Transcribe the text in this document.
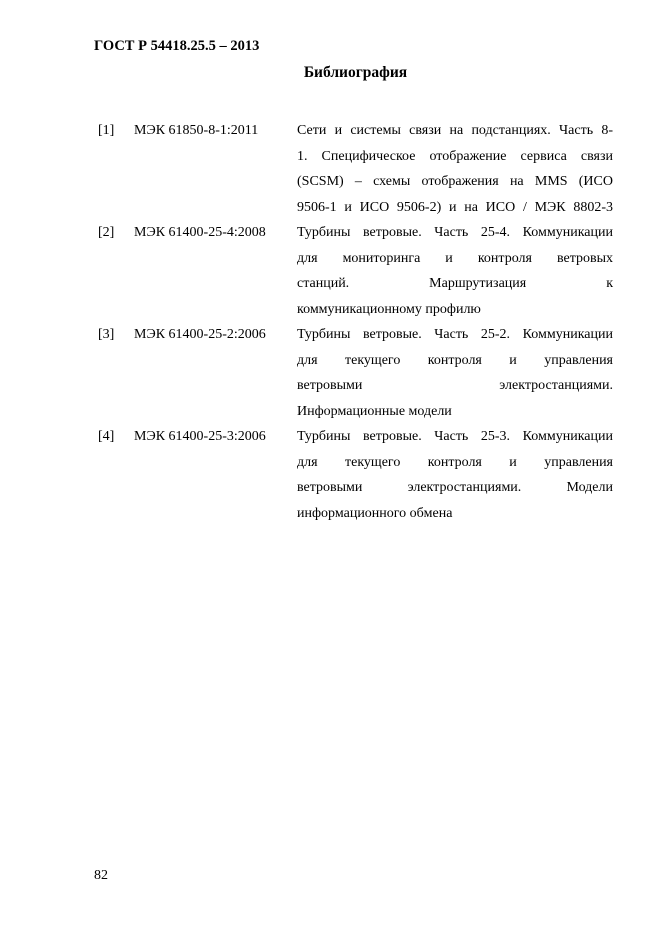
ГОСТ Р 54418.25.5 – 2013
Библиография
[1]	МЭК 61850-8-1:2011	Сети и системы связи на подстанциях. Часть 8-
1. Специфическое отображение сервиса связи
(SCSM) – схемы отображения на MMS (ИСО
9506-1 и ИСО 9506-2) и на ИСО / МЭК 8802-3
[2]	МЭК 61400-25-4:2008	Турбины ветровые. Часть 25-4. Коммуникации
для мониторинга и контроля ветровых
станций. Маршрутизация к
коммуникационному профилю
[3]	МЭК 61400-25-2:2006	Турбины ветровые. Часть 25-2. Коммуникации
для текущего контроля и управления
ветровыми электростанциями.
Информационные модели
[4]	МЭК 61400-25-3:2006	Турбины ветровые. Часть 25-3. Коммуникации
для текущего контроля и управления
ветровыми электростанциями. Модели
информационного обмена
82
